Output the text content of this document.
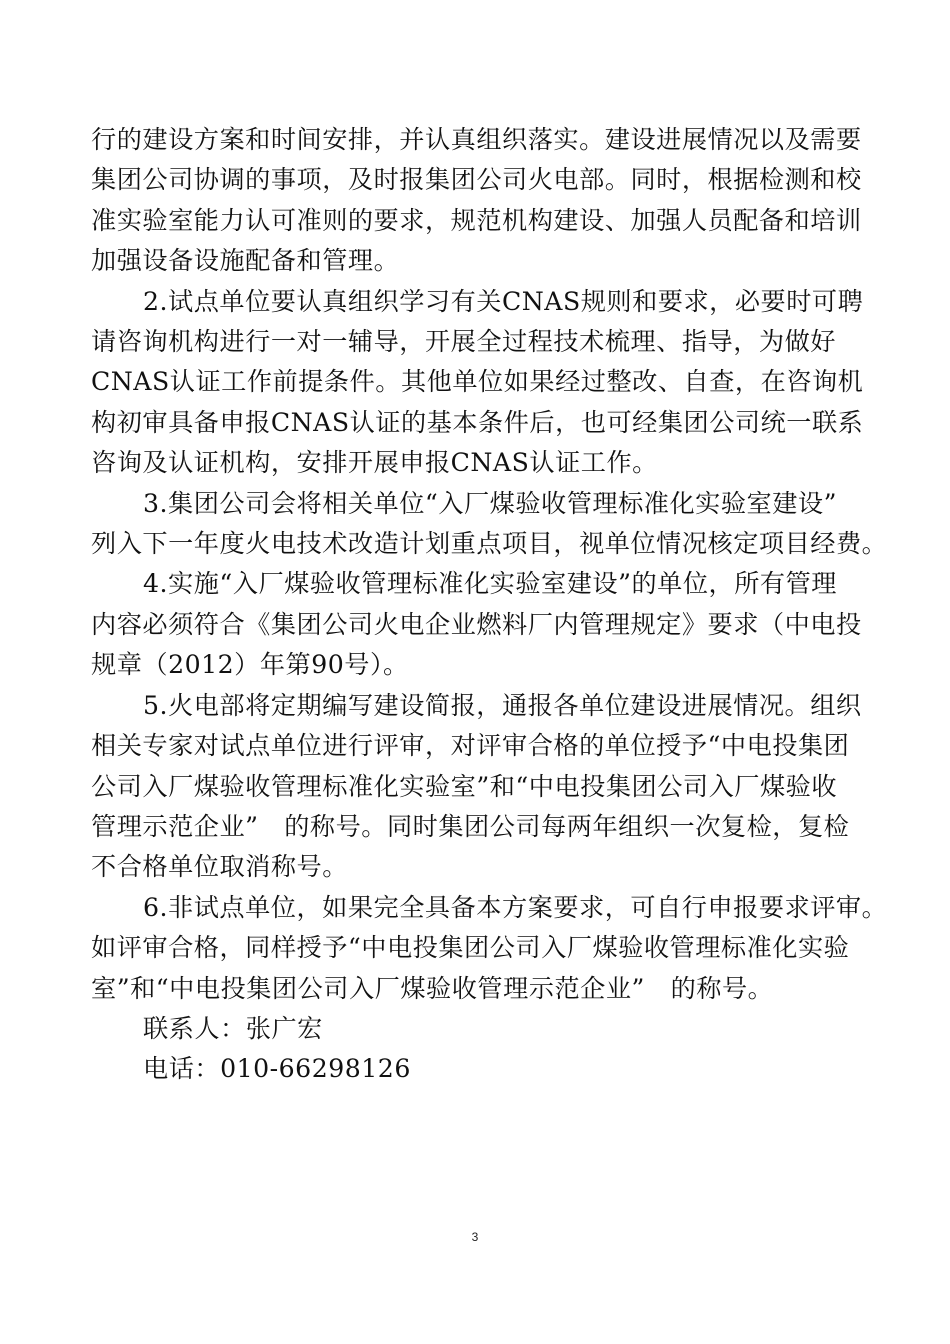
行的建设方案和时间安排，并认真组织落实。建设进展情况以及需要
集团公司协调的事项，及时报集团公司火电部。同时，根据检测和校
准实验室能力认可准则的要求，规范机构建设、加强人员配备和培训
加强设备设施配备和管理。
2.试点单位要认真组织学习有关CNAS规则和要求，必要时可聘
请咨询机构进行一对一辅导，开展全过程技术梳理、指导，为做好
CNAS认证工作前提条件。其他单位如果经过整改、自查，在咨询机
构初审具备申报CNAS认证的基本条件后，也可经集团公司统一联系
咨询及认证机构，安排开展申报CNAS认证工作。
3.集团公司会将相关单位“入厂煤验收管理标准化实验室建设”
列入下一年度火电技术改造计划重点项目，视单位情况核定项目经费。
4.实施“入厂煤验收管理标准化实验室建设”的单位，所有管理
内容必须符合《集团公司火电企业燃料厂内管理规定》要求（中电投
规章（2012）年第90号）。
5.火电部将定期编写建设简报，通报各单位建设进展情况。组织
相关专家对试点单位进行评审，对评审合格的单位授予“中电投集团
公司入厂煤验收管理标准化实验室”和“中电投集团公司入厂煤验收
管理示范企业”　的称号。同时集团公司每两年组织一次复检，复检
不合格单位取消称号。
6.非试点单位，如果完全具备本方案要求，可自行申报要求评审。
如评审合格，同样授予“中电投集团公司入厂煤验收管理标准化实验
室”和“中电投集团公司入厂煤验收管理示范企业”　的称号。
联系人：张广宏
电话：010-66298126
3
